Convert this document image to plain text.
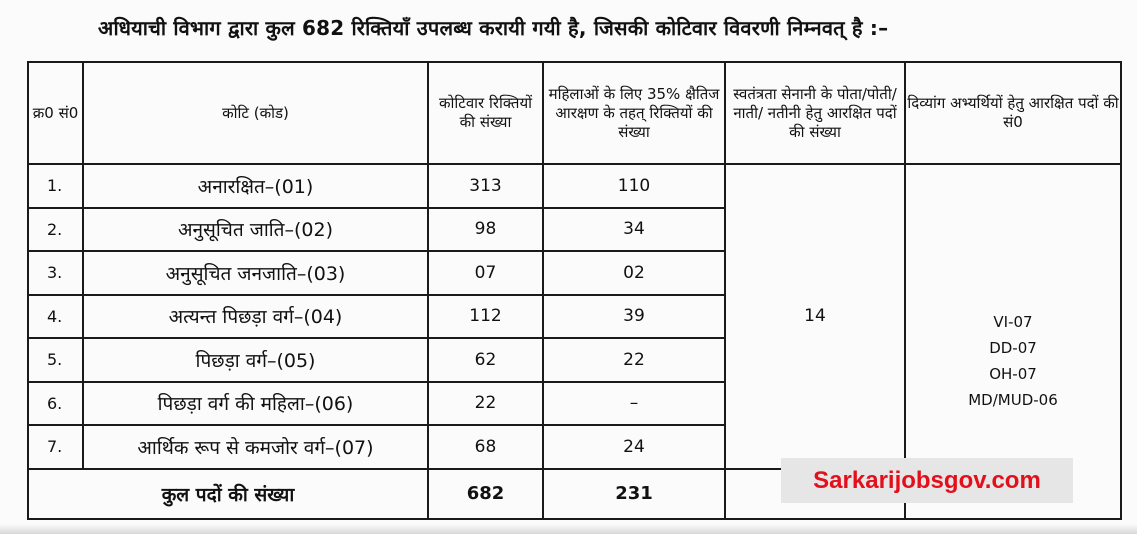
अधियाची विभाग द्वारा कुल 682 रिक्तियाँ उपलब्ध करायी गयी है, जिसकी कोटिवार विवरणी निम्नवत् है :–
क्र0 सं0	कोटि (कोड)	कोटिवार रिक्तियों की संख्या	महिलाओं के लिए 35% क्षैतिज आरक्षण के तहत् रिक्तियों की संख्या	स्वतंत्रता सेनानी के पोता/पोती/नाती/ नतीनी हेतु आरक्षित पदों की संख्या	दिव्यांग अभ्यर्थियों हेतु आरक्षित पदों की सं0
1.	अनारक्षित–(01)	313	110	14	VI-07
DD-07
OH-07
MD/MUD-06

2.	अनुसूचित जाति–(02)	98	34		
3.	अनुसूचित जनजाति–(03)	07	02		
4.	अत्यन्त पिछड़ा वर्ग–(04)	112	39		
5.	पिछड़ा वर्ग–(05)	62	22		
6.	पिछड़ा वर्ग की महिला–(06)	22	–		
7.	आर्थिक रूप से कमजोर वर्ग–(07)	68	24		
कुल पदों की संख्या		682	231			Sarkarijobsgov.com
